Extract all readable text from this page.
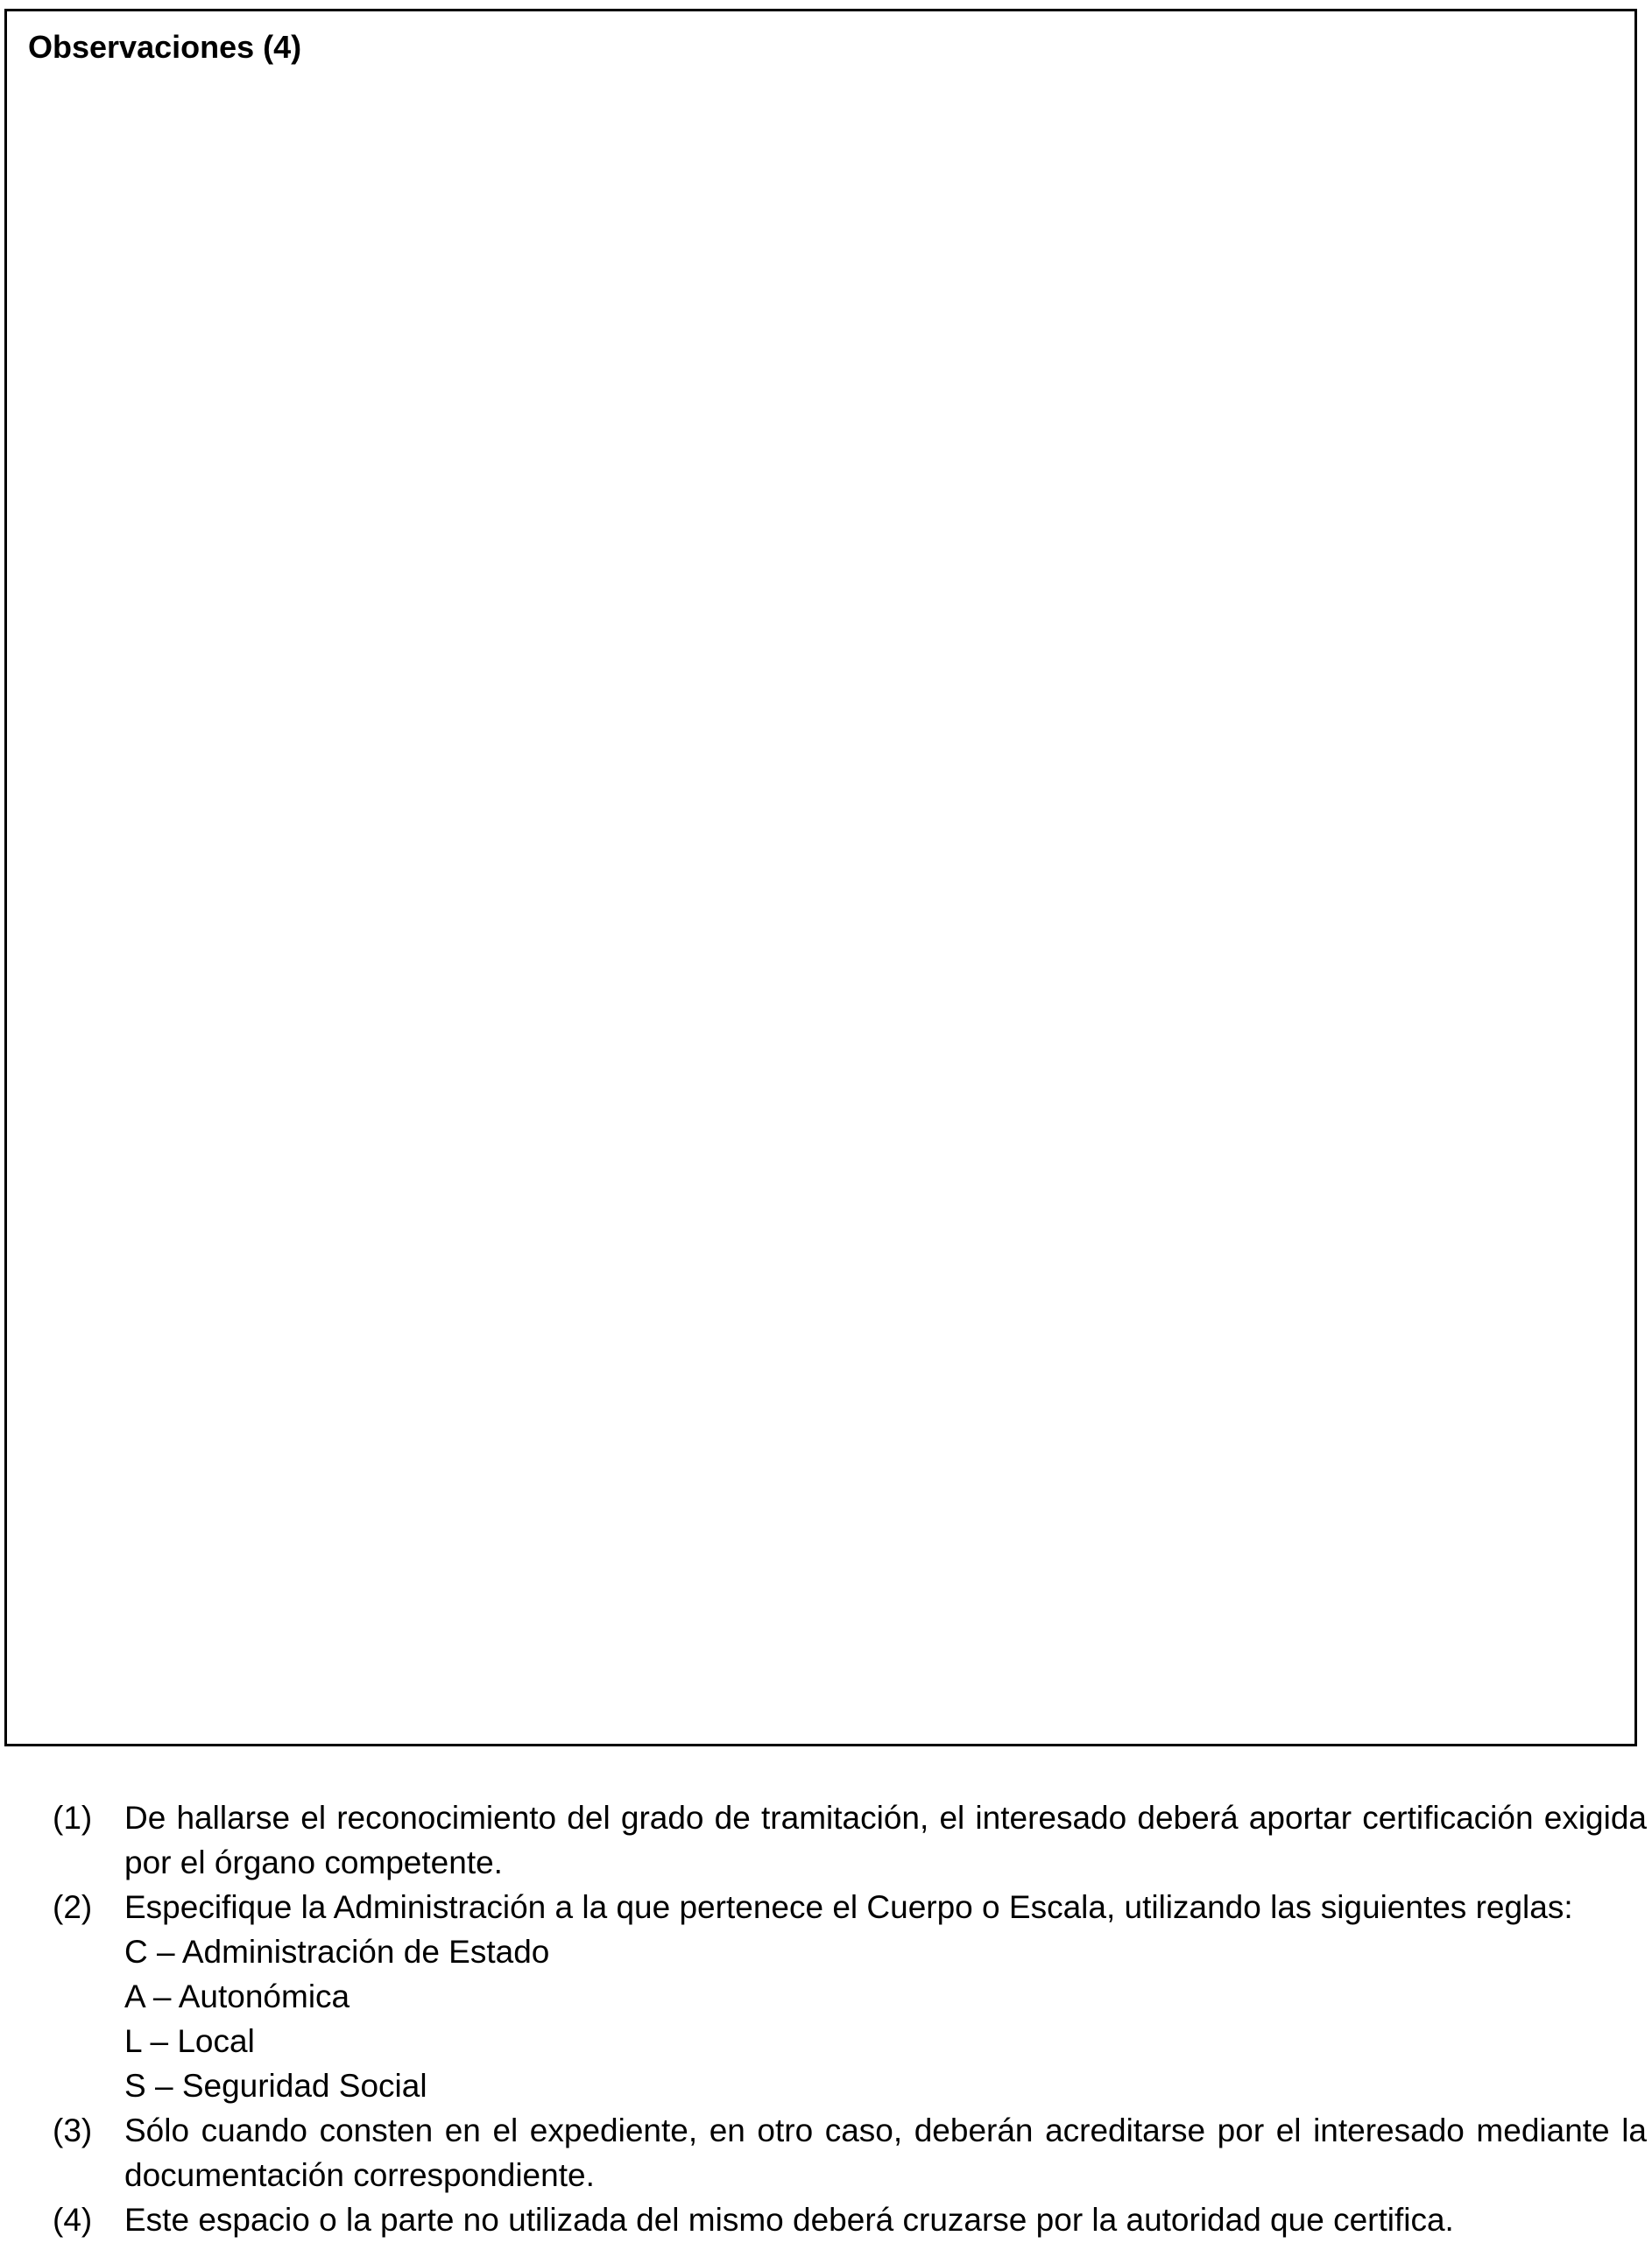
Observaciones (4)
(1) De hallarse el reconocimiento del grado de tramitación, el interesado deberá aportar certificación exigida por el órgano competente.
(2) Especifique la Administración a la que pertenece el Cuerpo o Escala, utilizando las siguientes reglas:
C – Administración de Estado
A – Autonómica
L – Local
S – Seguridad Social
(3) Sólo cuando consten en el expediente, en otro caso, deberán acreditarse por el interesado mediante la documentación correspondiente.
(4) Este espacio o la parte no utilizada del mismo deberá cruzarse por la autoridad que certifica.
